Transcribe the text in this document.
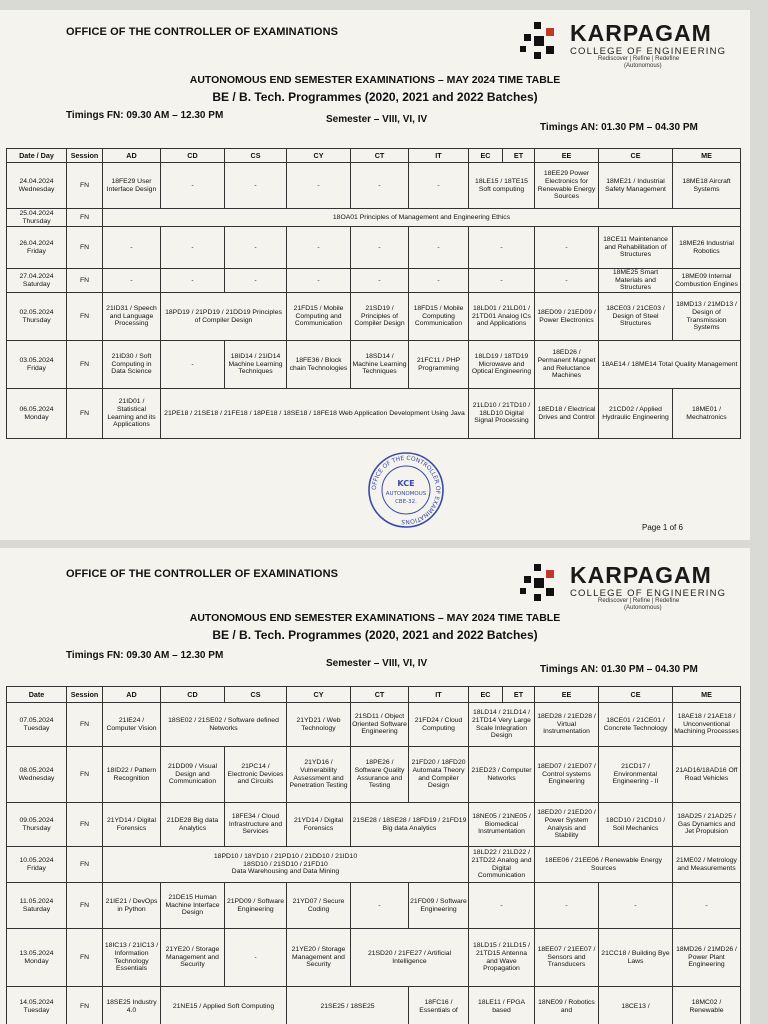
OFFICE OF THE CONTROLLER OF EXAMINATIONS	KARPAGAM
COLLEGE OF ENGINEERING
Rediscover | Refine | Redefine
(Autonomous)
AUTONOMOUS END SEMESTER EXAMINATIONS – MAY 2024 TIME TABLE
BE / B. Tech. Programmes (2020, 2021 and 2022 Batches)
Timings FN: 09.30 AM – 12.30 PM	Semester – VIII, VI, IV
Timings AN: 01.30 PM – 04.30 PM
Date / Day	Session	AD	CD	CS	CY	CT	IT	EC	ET	EE	CE	ME
24.04.2024
Wednesday	FN	18FE29 User Interface Design	-	-	-	-	-	18LE15 / 18TE15 Soft computing		18EE29 Power Electronics for Renewable Energy Sources	18ME21 / Industrial Safety Management	18ME18 Aircraft Systems
25.04.2024
Thursday	FN	18OA01 Principles of Management and Engineering Ethics										
26.04.2024
Friday	FN	-	-	-	-	-	-	-		-	18CE11 Maintenance and Rehabilitation of Structures	18ME26 Industrial Robotics
27.04.2024
Saturday	FN	-	-	-	-	-	-	-		-	18ME25 Smart Materials and Structures	18ME09 Internal Combustion Engines
02.05.2024
Thursday	FN	21ID31 / Speech and Language Processing	18PD19 / 21PD19 / 21DD19 Principles of Compiler Design		21FD15 / Mobile Computing and Communication	21SD19 / Principles of Compiler Design	18FD15 / Mobile Computing Communication	18LD01 / 21LD01 / 21TD01 Analog ICs and Applications		18ED09 / 21ED09 / Power Electronics	18CE03 / 21CE03 / Design of Steel Structures	18MD13 / 21MD13 / Design of Transmission Systems
03.05.2024
Friday	FN	21ID30 / Soft Computing in Data Science	-	18ID14 / 21ID14 Machine Learning Techniques	18FE36 / Block chain Technologies	18SD14 / Machine Learning Techniques	21FC11 / PHP Programming	18LD19 / 18TD19 Microwave and Optical Engineering		18ED26 / Permanent Magnet and Reluctance Machines	18AE14 / 18ME14 Total Quality Management	
06.05.2024
Monday	FN	21ID01 / Statistical Learning and its Applications	21PE18 / 21SE18 / 21FE18 / 18PE18 / 18SE18 / 18FE18 Web Application Development Using Java					21LD10 / 21TD10 / 18LD10 Digital Signal Processing		18ED18 / Electrical Drives and Control	21CD02 / Applied Hydraulic Engineering	18ME01 / Mechatronics
OFFICE OF THE CONTROLLER OF EXAMINATIONS
KCE
AUTONOMOUS
CBE-32.
Page 1 of 6
OFFICE OF THE CONTROLLER OF EXAMINATIONS	KARPAGAM
COLLEGE OF ENGINEERING
Rediscover | Refine | Redefine
(Autonomous)
AUTONOMOUS END SEMESTER EXAMINATIONS – MAY 2024 TIME TABLE
BE / B. Tech. Programmes (2020, 2021 and 2022 Batches)
Timings FN: 09.30 AM – 12.30 PM
Semester – VIII, VI, IV
Timings AN: 01.30 PM – 04.30 PM
Date	Session	AD	CD	CS	CY	CT	IT	EC	ET	EE	CE	ME
07.05.2024
Tuesday	FN	21IE24 / Computer Vision	18SE02 / 21SE02 / Software defined Networks		21YD21 / Web Technology	21SD11 / Object Oriented Software Engineering	21FD24 / Cloud Computing	18LD14 / 21LD14 / 21TD14 Very Large Scale Integration Design		18ED28 / 21ED28 / Virtual Instrumentation	18CE01 / 21CE01 / Concrete Technology	18AE18 / 21AE18 / Unconventional Machining Processes
08.05.2024
Wednesday	FN	18ID22 / Pattern Recognition	21DD09 / Visual Design and Communication	21PC14 / Electronic Devices and Circuits	21YD16 / Vulnerability Assessment and Penetration Testing	18PE26 / Software Quality Assurance and Testing	21FD20 / 18FD20 Automata Theory and Compiler Design	21ED23 / Computer Networks		18ED07 / 21ED07 / Control systems Engineering	21CD17 / Environmental Engineering - II	21AD16/18AD16 Off Road Vehicles
09.05.2024
Thursday	FN	21YD14 / Digital Forensics	21DE28 Big data Analytics	18FE34 / Cloud Infrastructure and Services	21YD14 / Digital Forensics	21SE28 / 18SE28 / 18FD19 / 21FD19 Big data Analytics		18NE05 / 21NE05 / Biomedical Instrumentation		18ED20 / 21ED20 / Power System Analysis and Stability	18CD10 / 21CD10 / Soil Mechanics	18AD25 / 21AD25 / Gas Dynamics and Jet Propulsion
10.05.2024
Friday	FN	18PD10 / 18YD10 / 21PD10 / 21DD10 / 21ID10
18SD10 / 21SD10 / 21FD10
Data Warehousing and Data Mining						18LD22 / 21LD22 / 21TD22 Analog and Digital Communication		18EE06 / 21EE06 / Renewable Energy Sources		21ME02 / Metrology and Measurements
11.05.2024
Saturday	FN	21IE21 / DevOps in Python	21DE15 Human Machine Interface Design	21PD09 / Software Engineering	21YD07 / Secure Coding	-	21FD09 / Software Engineering	-		-	-	-
13.05.2024
Monday	FN	18IC13 / 21IC13 / Information Technology Essentials	21YE20 / Storage Management and Security	-	21YE20 / Storage Management and Security	21SD20 / 21FE27 / Artificial Intelligence		18LD15 / 21LD15 / 21TD15 Antenna and Wave Propagation		18EE07 / 21EE07 / Sensors and Transducers	21CC18 / Building Bye Laws	18MD26 / 21MD26 / Power Plant Engineering
14.05.2024
Tuesday	FN	18SE25 Industry 4.0	21NE15 / Applied Soft Computing		21SE25 / 18SE25		18FC16 / Essentials of	18LE11 / FPGA based		18NE09 / Robotics and	18CE13 /	18MC02 / Renewable
